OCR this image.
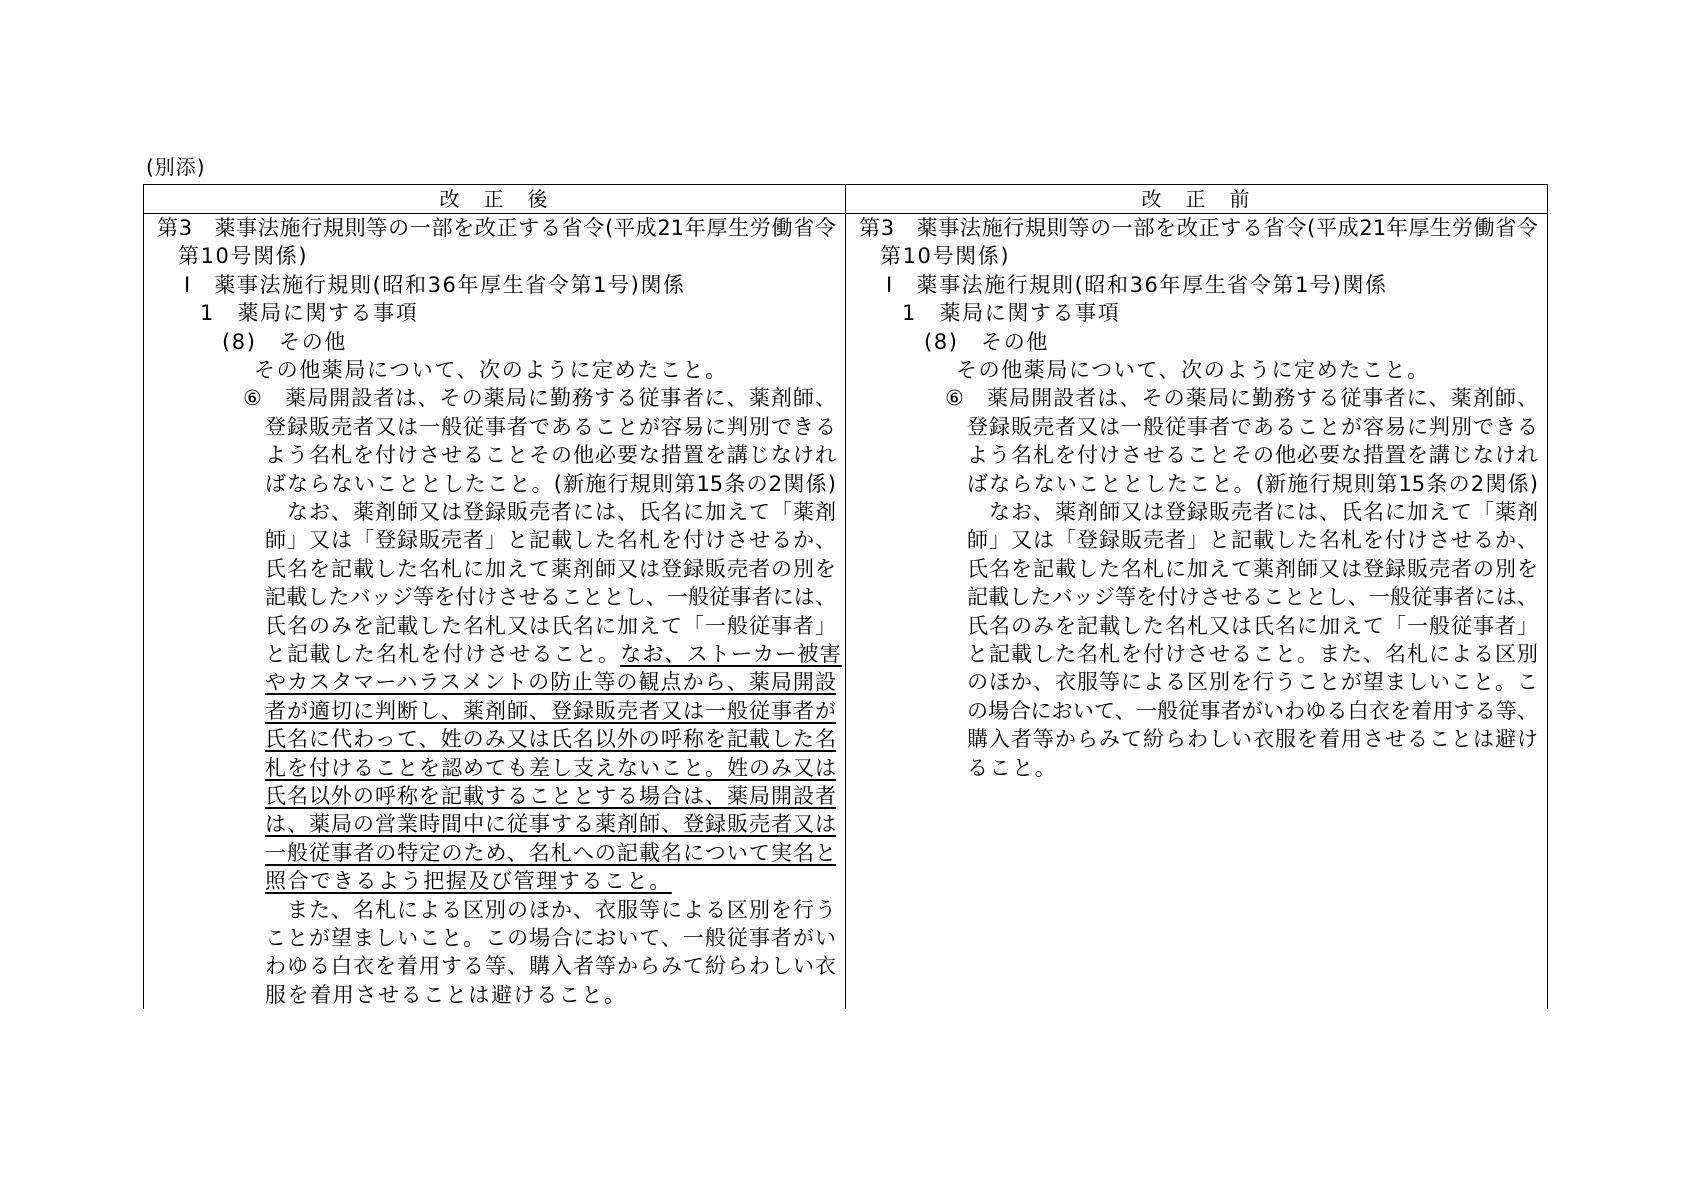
(別添)
改　正　後	改　正　前
第3　薬事法施行規則等の一部を改正する省令(平成21年厚生労働省令
第10号関係)
Ⅰ　薬事法施行規則(昭和36年厚生省令第1号)関係
1　薬局に関する事項
(8)　その他
その他薬局について、次のように定めたこと。
⑥　薬局開設者は、その薬局に勤務する従事者に、薬剤師、
登録販売者又は一般従事者であることが容易に判別できる
よう名札を付けさせることその他必要な措置を講じなけれ
ばならないこととしたこと。(新施行規則第15条の2関係)
　なお、薬剤師又は登録販売者には、氏名に加えて「薬剤
師」又は「登録販売者」と記載した名札を付けさせるか、
氏名を記載した名札に加えて薬剤師又は登録販売者の別を
記載したバッジ等を付けさせることとし、一般従事者には、
氏名のみを記載した名札又は氏名に加えて「一般従事者」
と記載した名札を付けさせること。 なお、ストーカー被害
やカスタマーハラスメントの防止等の観点から、薬局開設
者が適切に判断し、薬剤師、登録販売者又は一般従事者が
氏名に代わって、姓のみ又は氏名以外の呼称を記載した名
札を付けることを認めても差し支えないこと。姓のみ又は
氏名以外の呼称を記載することとする場合は、薬局開設者
は、薬局の営業時間中に従事する薬剤師、登録販売者又は
一般従事者の特定のため、名札への記載名について実名と
照合できるよう把握及び管理すること。
　また、名札による区別のほか、衣服等による区別を行う
ことが望ましいこと。この場合において、一般従事者がい
わゆる白衣を着用する等、購入者等からみて紛らわしい衣
服を着用させることは避けること。
第3　薬事法施行規則等の一部を改正する省令(平成21年厚生労働省令
第10号関係)
Ⅰ　薬事法施行規則(昭和36年厚生省令第1号)関係
1　薬局に関する事項
(8)　その他
その他薬局について、次のように定めたこと。
⑥　薬局開設者は、その薬局に勤務する従事者に、薬剤師、
登録販売者又は一般従事者であることが容易に判別できる
よう名札を付けさせることその他必要な措置を講じなけれ
ばならないこととしたこと。(新施行規則第15条の2関係)
　なお、薬剤師又は登録販売者には、氏名に加えて「薬剤
師」又は「登録販売者」と記載した名札を付けさせるか、
氏名を記載した名札に加えて薬剤師又は登録販売者の別を
記載したバッジ等を付けさせることとし、一般従事者には、
氏名のみを記載した名札又は氏名に加えて「一般従事者」
と記載した名札を付けさせること。また、名札による区別
のほか、衣服等による区別を行うことが望ましいこと。こ
の場合において、一般従事者がいわゆる白衣を着用する等、
購入者等からみて紛らわしい衣服を着用させることは避け
ること。
